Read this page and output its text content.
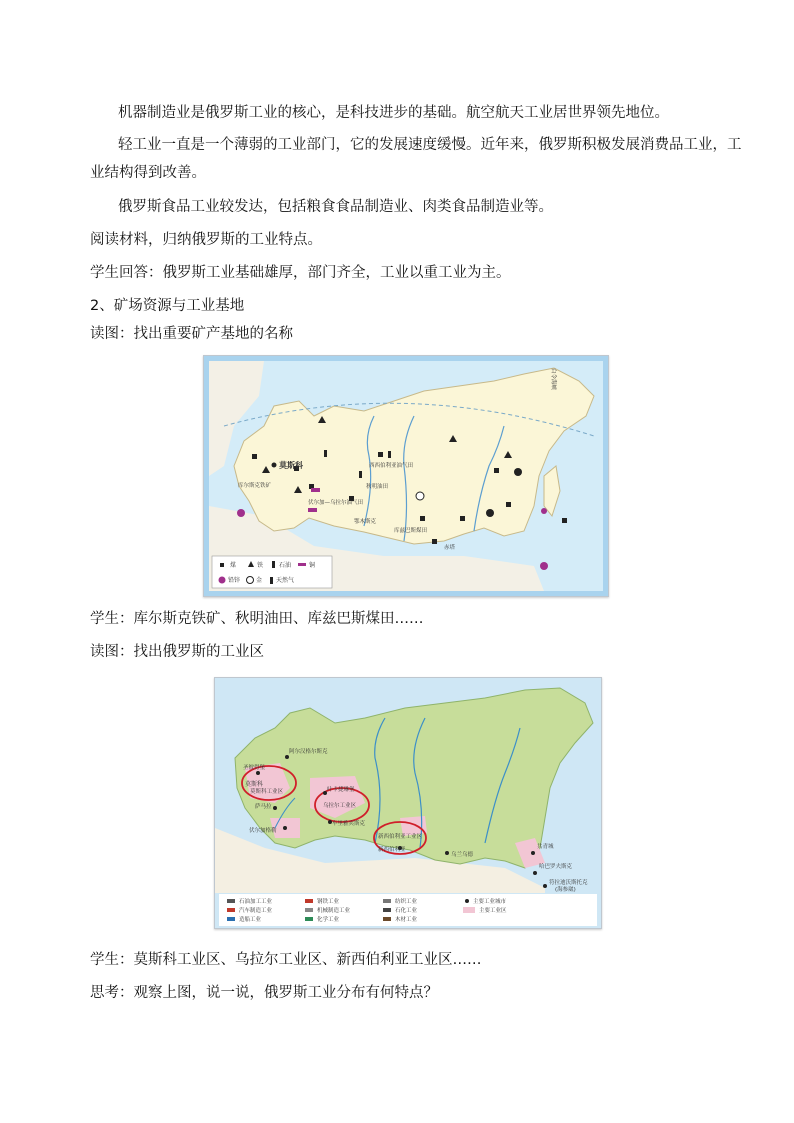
机器制造业是俄罗斯工业的核心，是科技进步的基础。航空航天工业居世界领先地位。
轻工业一直是一个薄弱的工业部门，它的发展速度缓慢。近年来，俄罗斯积极发展消费品工业，工
业结构得到改善。
俄罗斯食品工业较发达，包括粮食食品制造业、肉类食品制造业等。
阅读材料，归纳俄罗斯的工业特点。
学生回答：俄罗斯工业基础雄厚，部门齐全，工业以重工业为主。
2、矿场资源与工业基地
读图：找出重要矿产基地的名称
莫斯科
库尔斯克铁矿
伏尔加—乌拉尔油气田
西西伯利亚油气田
秋明油田
鄂木斯克
库兹巴斯煤田
赤塔
白令海峡
煤	铁	石油	铜
铅锌	金 天然气
学生：库尔斯克铁矿、秋明油田、库兹巴斯煤田……
读图：找出俄罗斯的工业区
阿尔汉格尔斯克
圣彼得堡
莫斯科
莫斯科工业区
萨马拉
叶卡捷琳堡
乌拉尔工业区
车里雅宾斯克
伏尔加格勒
新西伯利亚工业区
新西伯利亚
乌兰乌德
共青城
哈巴罗夫斯克
符拉迪沃斯托克
(海参崴)
石油加工工业	钢铁工业	纺织工业	主要工业城市
汽车制造工业	机械制造工业	石化工业	主要工业区
造船工业	化学工业	木材工业
学生：莫斯科工业区、乌拉尔工业区、新西伯利亚工业区……
思考：观察上图，说一说，俄罗斯工业分布有何特点？
